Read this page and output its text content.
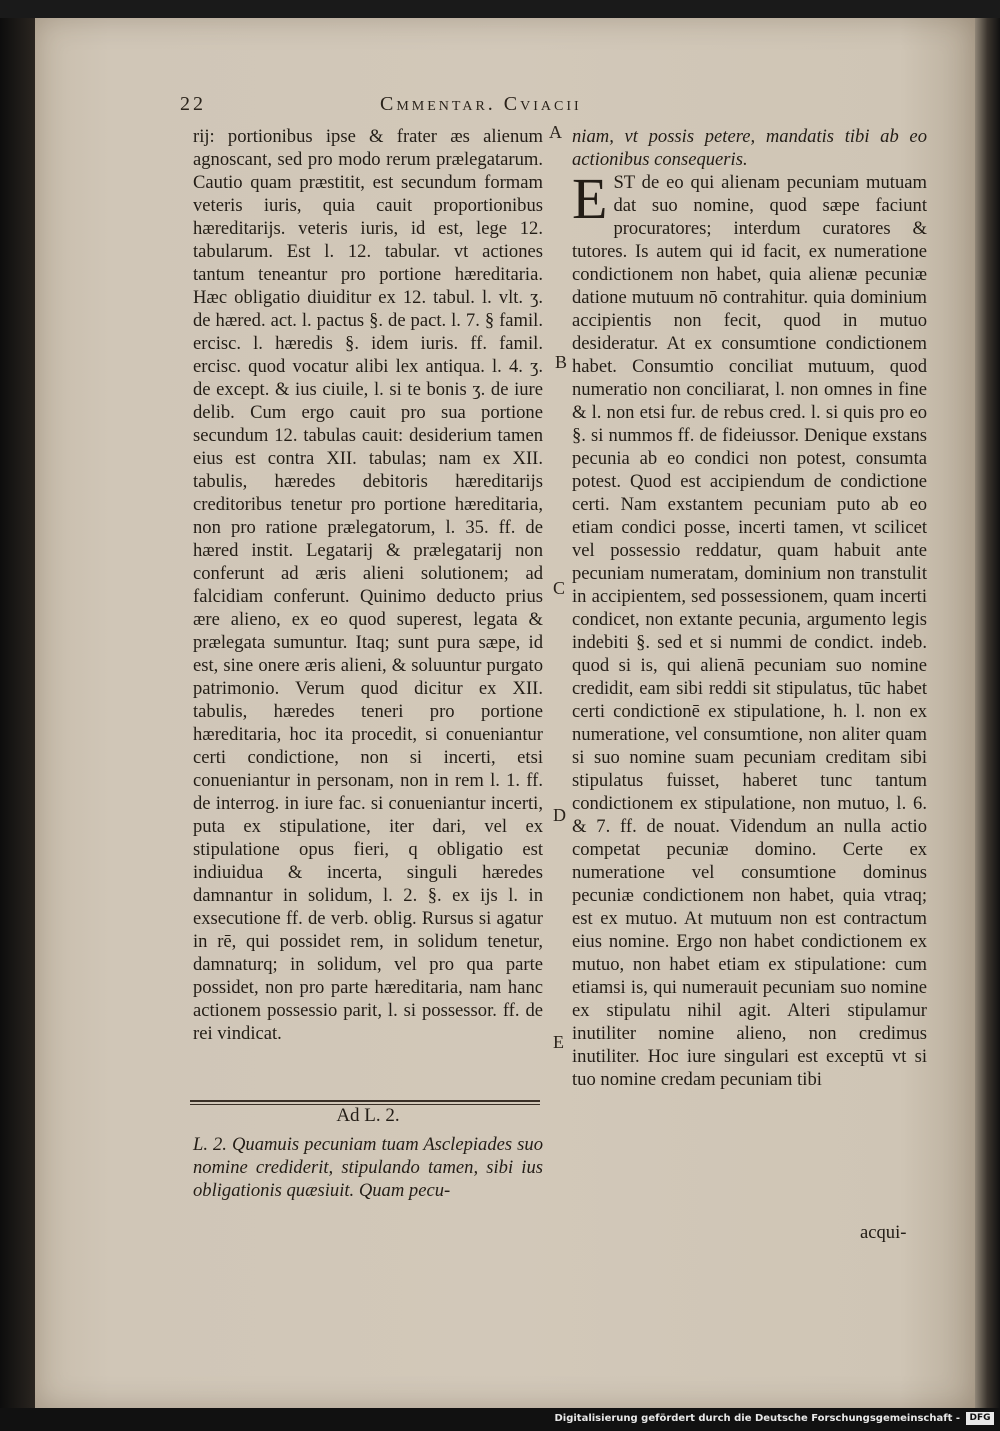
22	Cmmentar. Cviacii

rij: portionibus ipse & frater æs alienum agnoscant, sed pro modo rerum prælegatarum. Cautio quam præstitit, est secundum formam veteris iuris, quia cauit proportionibus hæreditarijs. veteris iuris, id est, lege 12. tabularum. Est l. 12. tabular. vt actiones tantum teneantur pro portione hæreditaria. Hæc obligatio diuiditur ex 12. tabul. l. vlt. ʒ. de hæred. act. l. pactus §. de pact. l. 7. § famil. ercisc. l. hæredis §. idem iuris. ff. famil. ercisc. quod vocatur alibi lex antiqua. l. 4. ʒ. de except. & ius ciuile, l. si te bonis ʒ. de iure delib. Cum ergo cauit pro sua portione secundum 12. tabulas cauit: desiderium tamen eius est contra XII. tabulas; nam ex XII. tabulis, hæredes debitoris hæreditarijs creditoribus tenetur pro portione hæreditaria, non pro ratione prælegatorum, l. 35. ff. de hæred instit. Legatarij & prælegatarij non conferunt ad æris alieni solutionem; ad falcidiam conferunt. Quinimo deducto prius ære alieno, ex eo quod superest, legata & prælegata sumuntur. Itaq; sunt pura sæpe, id est, sine onere æris alieni, & soluuntur purgato patrimonio. Verum quod dicitur ex XII. tabulis, hæredes teneri pro portione hæreditaria, hoc ita procedit, si conueniantur certi condictione, non si incerti, etsi conueniantur in personam, non in rem l. 1. ff. de interrog. in iure fac. si conueniantur incerti, puta ex stipulatione, iter dari, vel ex stipulatione opus fieri, q obligatio est indiuidua & incerta, singuli hæredes damnantur in solidum, l. 2. §. ex ijs l. in exsecutione ff. de verb. oblig. Rursus si agatur in rē, qui possidet rem, in solidum tenetur, damnaturq; in solidum, vel pro qua parte possidet, non pro parte hæreditaria, nam hanc actionem possessio parit, l. si possessor. ff. de rei vindicat.

Ad L. 2.
L. 2. Quamuis pecuniam tuam Asclepiades suo nomine crediderit, stipulando tamen, sibi ius obligationis quæsiuit. Quam pecu-

niam, vt possis petere, mandatis tibi ab eo actionibus consequeris.

EST de eo qui alienam pecuniam mutuam dat suo nomine, quod sæpe faciunt procuratores; interdum curatores & tutores. Is autem qui id facit, ex numeratione condictionem non habet, quia alienæ pecuniæ datione mutuum nō contrahitur. quia dominium accipientis non fecit, quod in mutuo desideratur. At ex consumtione condictionem habet. Consumtio conciliat mutuum, quod numeratio non conciliarat, l. non omnes in fine & l. non etsi fur. de rebus cred. l. si quis pro eo §. si nummos ff. de fideiussor. Denique exstans pecunia ab eo condici non potest, consumta potest. Quod est accipiendum de condictione certi. Nam exstantem pecuniam puto ab eo etiam condici posse, incerti tamen, vt scilicet vel possessio reddatur, quam habuit ante pecuniam numeratam, dominium non transtulit in accipientem, sed possessionem, quam incerti condicet, non extante pecunia, argumento legis indebiti §. sed et si nummi de condict. indeb. quod si is, qui alienā pecuniam suo nomine credidit, eam sibi reddi sit stipulatus, tūc habet certi condictionē ex stipulatione, h. l. non ex numeratione, vel consumtione, non aliter quam si suo nomine suam pecuniam creditam sibi stipulatus fuisset, haberet tunc tantum condictionem ex stipulatione, non mutuo, l. 6. & 7. ff. de nouat. Videndum an nulla actio competat pecuniæ domino. Certe ex numeratione vel consumtione dominus pecuniæ condictionem non habet, quia vtraq; est ex mutuo. At mutuum non est contractum eius nomine. Ergo non habet condictionem ex mutuo, non habet etiam ex stipulatione: cum etiamsi is, qui numerauit pecuniam suo nomine ex stipulatu nihil agit. Alteri stipulamur inutiliter nomine alieno, non credimus inutiliter. Hoc iure singulari est exceptū vt si tuo nomine credam pecuniam tibi

A
B
C
D
E
acqui-
Digitalisierung gefördert durch die Deutsche Forschungsgemeinschaft -	DFG
